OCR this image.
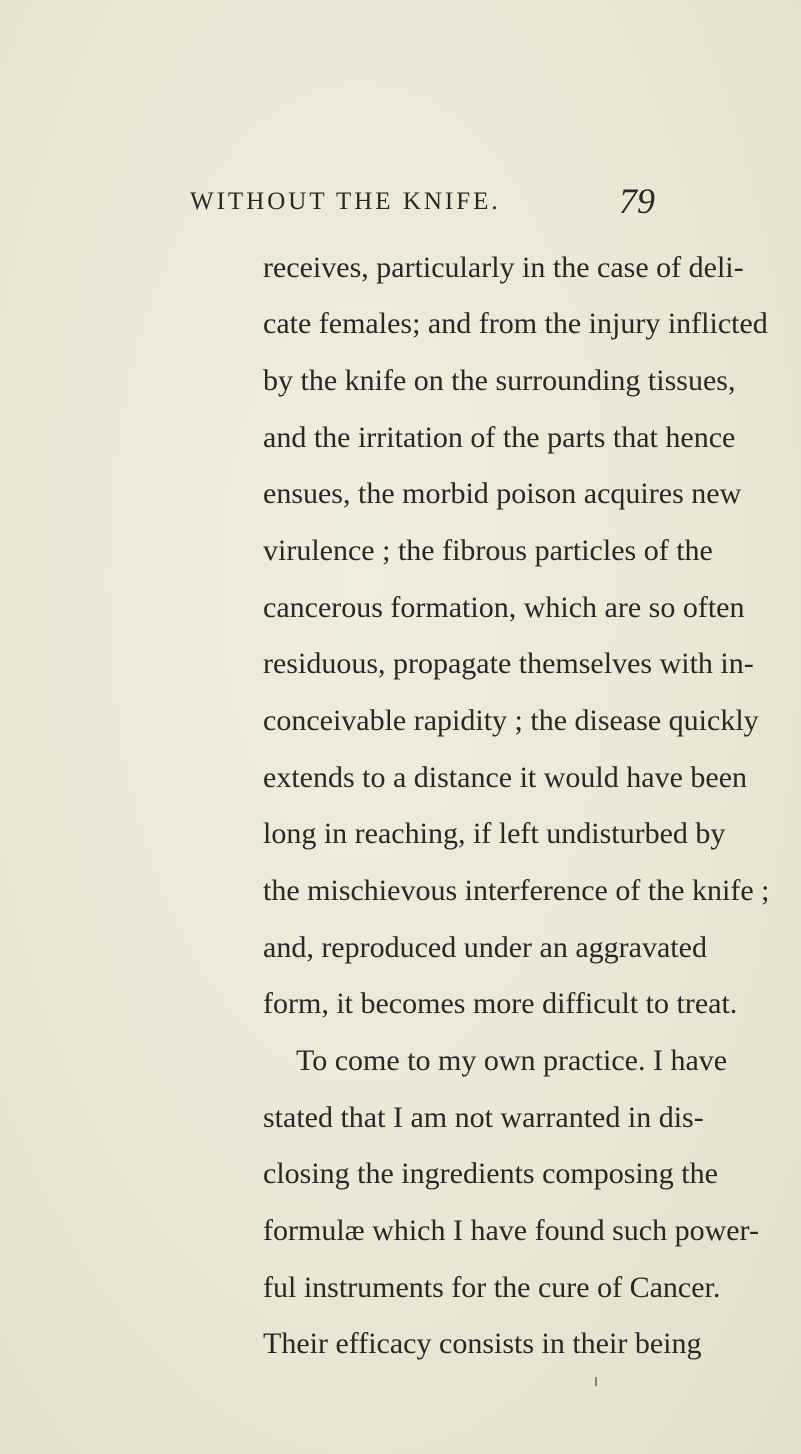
WITHOUT THE KNIFE.	79
receives, particularly in the case of deli-
cate females; and from the injury inflicted
by the knife on the surrounding tissues,
and the irritation of the parts that hence
ensues, the morbid poison acquires new
virulence ; the fibrous particles of the
cancerous formation, which are so often
residuous, propagate themselves with in-
conceivable rapidity ; the disease quickly
extends to a distance it would have been
long in reaching, if left undisturbed by
the mischievous interference of the knife ;
and, reproduced under an aggravated
form, it becomes more difficult to treat.
To come to my own practice. I have
stated that I am not warranted in dis-
closing the ingredients composing the
formulæ which I have found such power-
ful instruments for the cure of Cancer.
Their efficacy consists in their being
